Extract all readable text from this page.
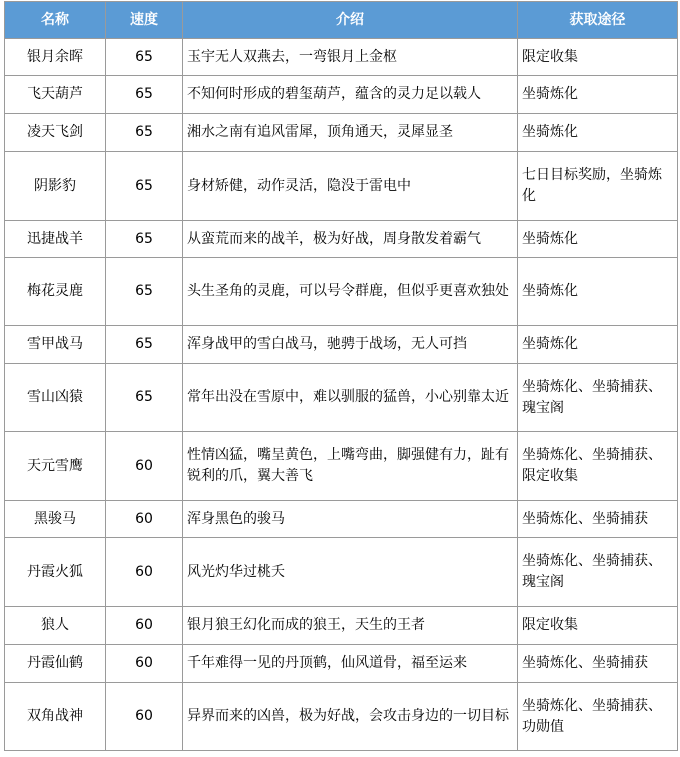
名称	速度	介绍	获取途径
银月余晖	65	玉宇无人双燕去，一弯银月上金枢	限定收集
飞天葫芦	65	不知何时形成的碧玺葫芦，蕴含的灵力足以载人	坐骑炼化
凌天飞剑	65	湘水之南有追风雷犀，顶角通天，灵犀显圣	坐骑炼化
阴影豹	65	身材矫健，动作灵活，隐没于雷电中	七日目标奖励，坐骑炼化
迅捷战羊	65	从蛮荒而来的战羊，极为好战，周身散发着霸气	坐骑炼化
梅花灵鹿	65	头生圣角的灵鹿，可以号令群鹿，但似乎更喜欢独处	坐骑炼化
雪甲战马	65	浑身战甲的雪白战马，驰骋于战场，无人可挡	坐骑炼化
雪山凶猿	65	常年出没在雪原中，难以驯服的猛兽，小心别靠太近	坐骑炼化、坐骑捕获、瑰宝阁
天元雪鹰	60	性情凶猛，嘴呈黄色，上嘴弯曲，脚强健有力，趾有锐利的爪，翼大善飞	坐骑炼化、坐骑捕获、限定收集
黑骏马	60	浑身黑色的骏马	坐骑炼化、坐骑捕获
丹霞火狐	60	风光灼华过桃夭	坐骑炼化、坐骑捕获、瑰宝阁
狼人	60	银月狼王幻化而成的狼王，天生的王者	限定收集
丹霞仙鹤	60	千年难得一见的丹顶鹤，仙风道骨，福至运来	坐骑炼化、坐骑捕获
双角战神	60	异界而来的凶兽，极为好战，会攻击身边的一切目标	坐骑炼化、坐骑捕获、功勋值
